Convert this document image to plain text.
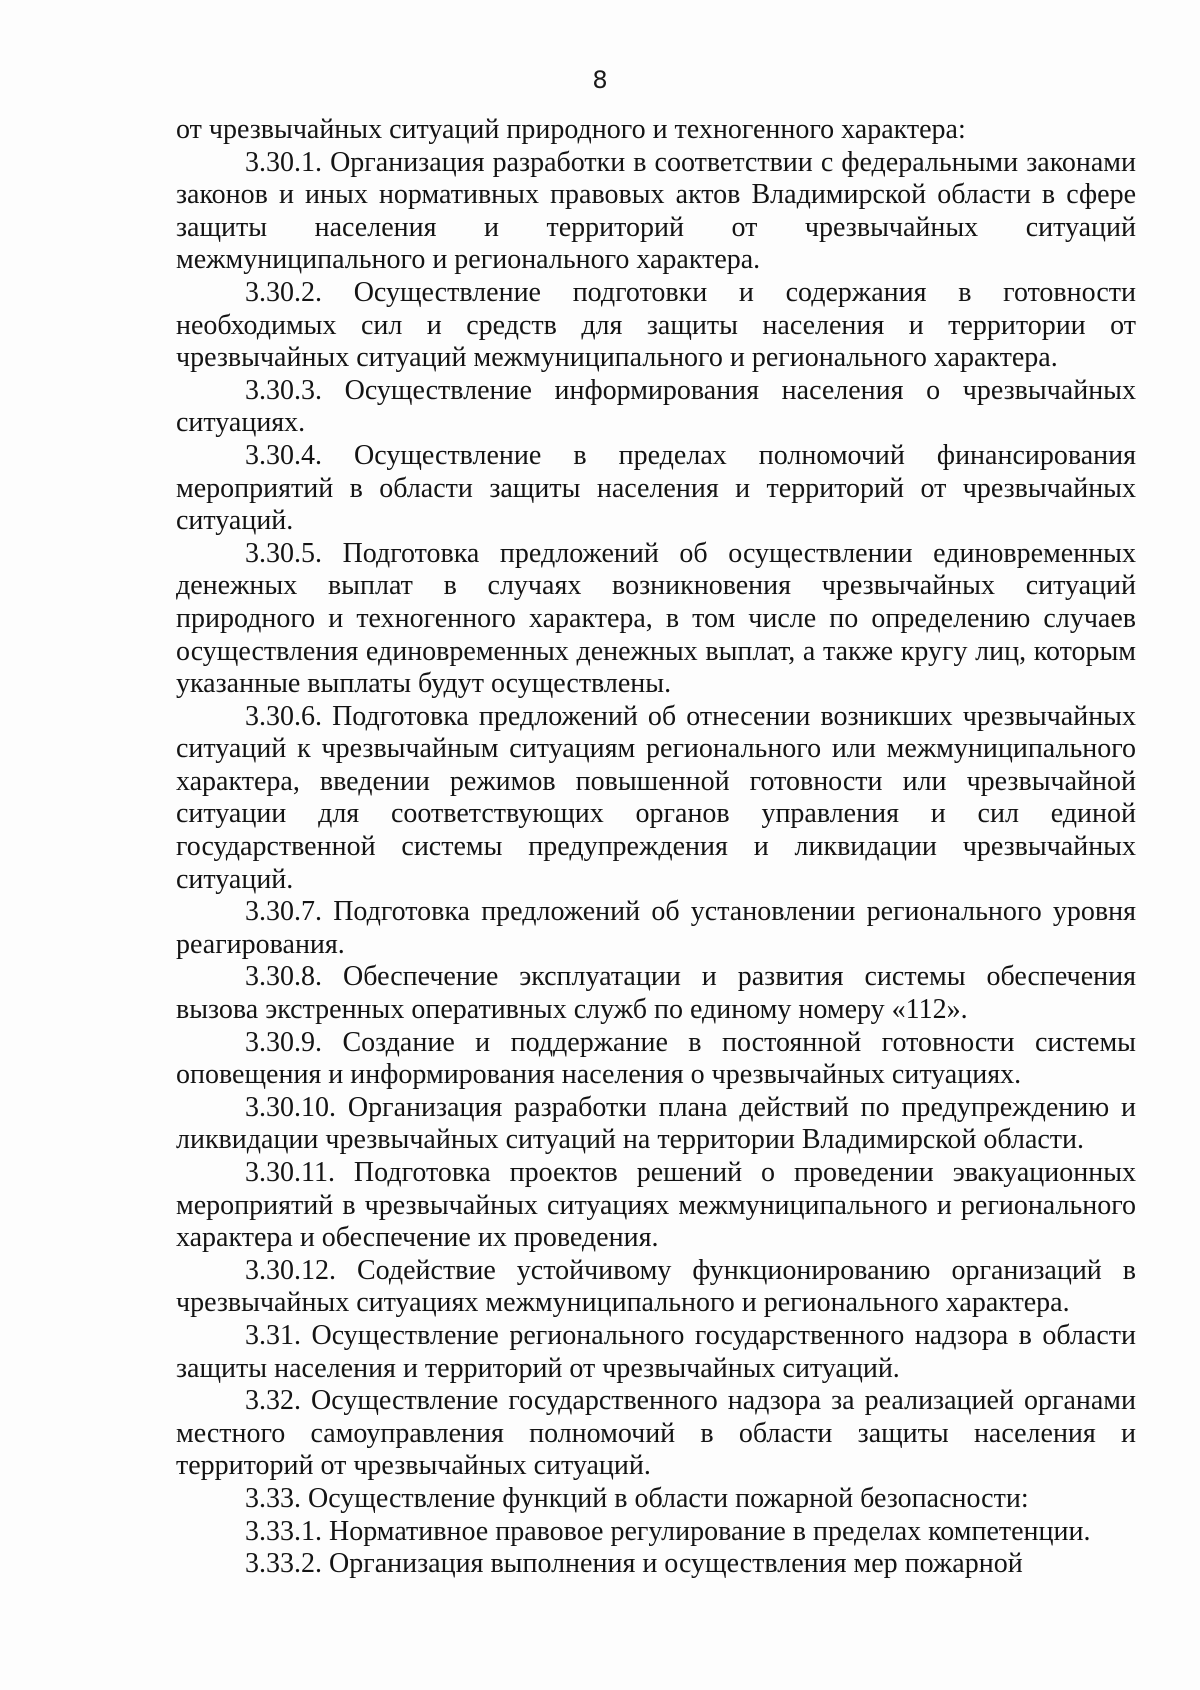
8

от чрезвычайных ситуаций природного и техногенного характера:

3.30.1. Организация разработки в соответствии с федеральными законами законов и иных нормативных правовых актов Владимирской области в сфере защиты населения и территорий от чрезвычайных ситуаций межмуниципального и регионального характера.

3.30.2. Осуществление подготовки и содержания в готовности необходимых сил и средств для защиты населения и территории от чрезвычайных ситуаций межмуниципального и регионального характера.

3.30.3. Осуществление информирования населения о чрезвычайных ситуациях.

3.30.4. Осуществление в пределах полномочий финансирования мероприятий в области защиты населения и территорий от чрезвычайных ситуаций.

3.30.5. Подготовка предложений об осуществлении единовременных денежных выплат в случаях возникновения чрезвычайных ситуаций природного и техногенного характера, в том числе по определению случаев осуществления единовременных денежных выплат, а также кругу лиц, которым указанные выплаты будут осуществлены.

3.30.6. Подготовка предложений об отнесении возникших чрезвычайных ситуаций к чрезвычайным ситуациям регионального или межмуниципального характера, введении режимов повышенной готовности или чрезвычайной ситуации для соответствующих органов управления и сил единой государственной системы предупреждения и ликвидации чрезвычайных ситуаций.

3.30.7. Подготовка предложений об установлении регионального уровня реагирования.

3.30.8. Обеспечение эксплуатации и развития системы обеспечения вызова экстренных оперативных служб по единому номеру «112».

3.30.9. Создание и поддержание в постоянной готовности системы оповещения и информирования населения о чрезвычайных ситуациях.

3.30.10. Организация разработки плана действий по предупреждению и ликвидации чрезвычайных ситуаций на территории Владимирской области.

3.30.11. Подготовка проектов решений о проведении эвакуационных мероприятий в чрезвычайных ситуациях межмуниципального и регионального характера и обеспечение их проведения.

3.30.12. Содействие устойчивому функционированию организаций в чрезвычайных ситуациях межмуниципального и регионального характера.

3.31. Осуществление регионального государственного надзора в области защиты населения и территорий от чрезвычайных ситуаций.

3.32. Осуществление государственного надзора за реализацией органами местного самоуправления полномочий в области защиты населения и территорий от чрезвычайных ситуаций.

3.33. Осуществление функций в области пожарной безопасности:

3.33.1. Нормативное правовое регулирование в пределах компетенции.

3.33.2. Организация выполнения и осуществления мер пожарной
